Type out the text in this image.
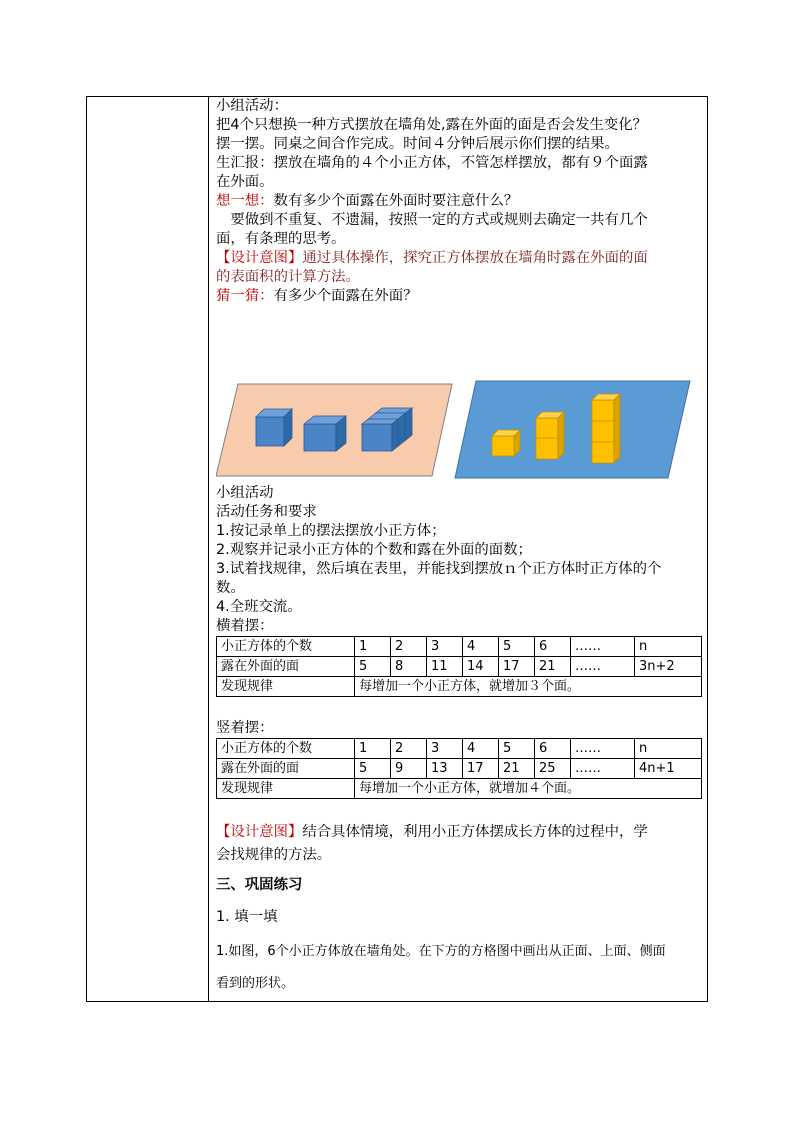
小组活动：
把4个只想换一种方式摆放在墙角处,露在外面的面是否会发生变化？
摆一摆。同桌之间合作完成。时间４分钟后展示你们摆的结果。
生汇报：摆放在墙角的４个小正方体，不管怎样摆放，都有９个面露
在外面。
想一想：数有多少个面露在外面时要注意什么？
　要做到不重复、不遗漏，按照一定的方式或规则去确定一共有几个
面，有条理的思考。
【设计意图】通过具体操作，探究正方体摆放在墙角时露在外面的面
的表面积的计算方法。
猜一猜：有多少个面露在外面？
小组活动
活动任务和要求
1.按记录单上的摆法摆放小正方体；
2.观察并记录小正方体的个数和露在外面的面数；
3.试着找规律，然后填在表里，并能找到摆放ｎ个正方体时正方体的个
数。
4.全班交流。
横着摆：
小正方体的个数	1	2	3	4	5	6	……	n
露在外面的面	5	8	11	14	17	21	……	3n+2
发现规律	每增加一个小正方体，就增加３个面。							
竖着摆：
小正方体的个数	1	2	3	4	5	6	……	n
露在外面的面	5	9	13	17	21	25	……	4n+1
发现规律	每增加一个小正方体，就增加４个面。							
【设计意图】结合具体情境，利用小正方体摆成长方体的过程中，学
会找规律的方法。
三、巩固练习
1. 填一填
1.如图，6个小正方体放在墙角处。在下方的方格图中画出从正面、上面、侧面
看到的形状。
